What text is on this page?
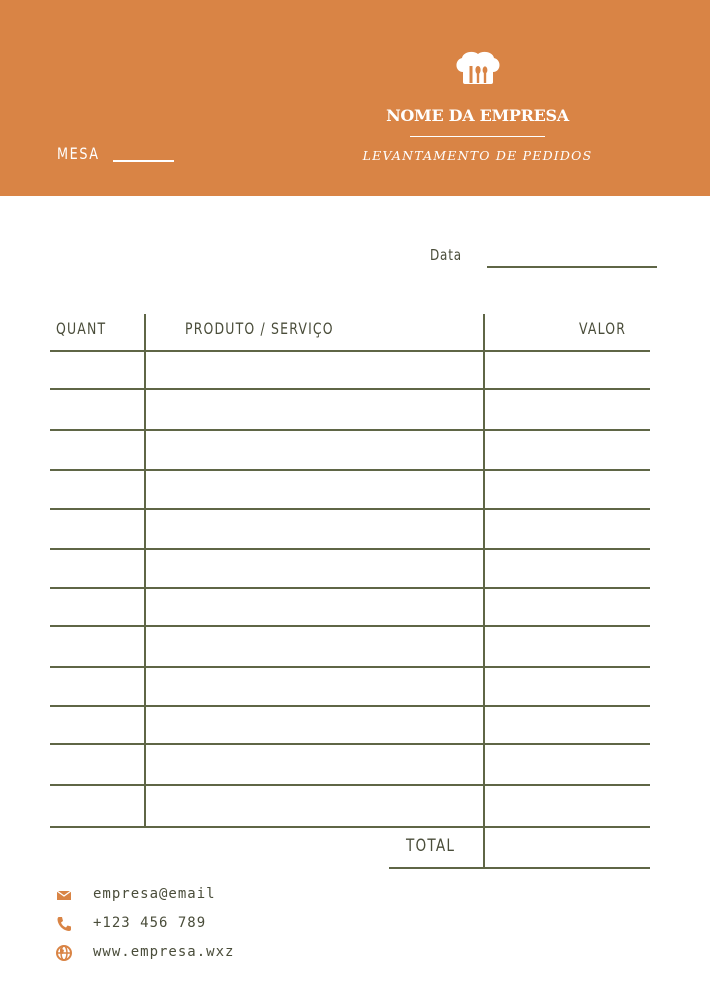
NOME DA EMPRESA
LEVANTAMENTO DE PEDIDOS
MESA
Data
QUANT	PRODUTO / SERVIÇO	VALOR
TOTAL
empresa@email
+123 456 789
www.empresa.wxz
